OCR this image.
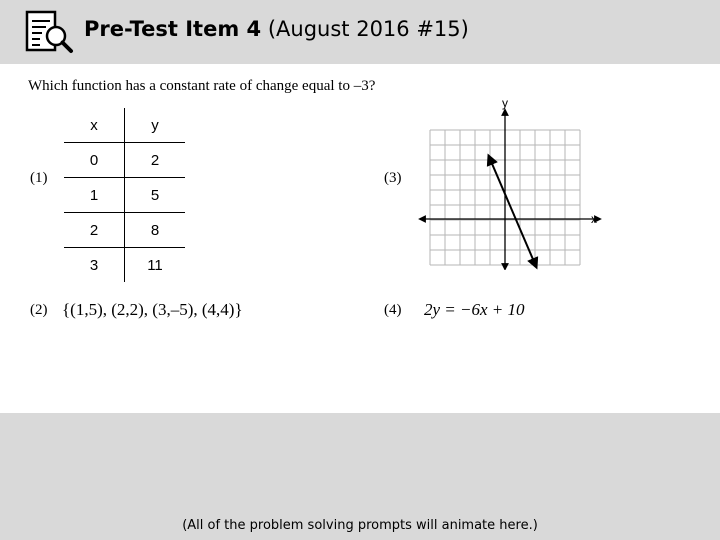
Pre-Test Item 4 (August 2016 #15)
Which function has a constant rate of change equal to –3?
(1)
x	y
0	2
1	5
2	8
3	11
(3)
x
y
(2) {(1,5), (2,2), (3,–5), (4,4)}	(4) 2y = −6x + 10
(All of the problem solving prompts will animate here.)
